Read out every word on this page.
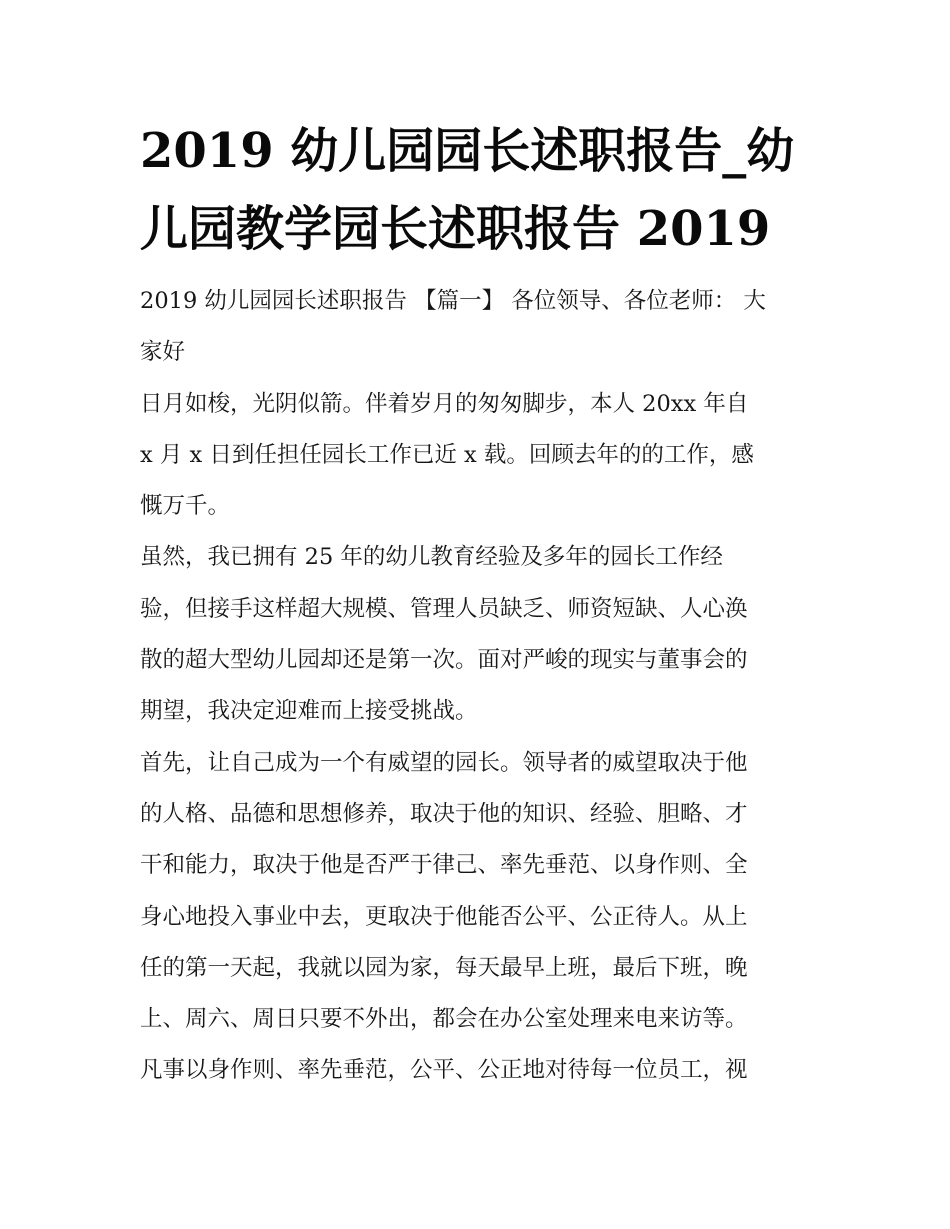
2019 幼儿园园长述职报告_幼
儿园教学园长述职报告 2019
2019 幼儿园园长述职报告 【篇一】 各位领导、各位老师： 大
家好
日月如梭，光阴似箭。伴着岁月的匆匆脚步，本人 20xx 年自
x 月 x 日到任担任园长工作已近 x 载。回顾去年的的工作，感
慨万千。
虽然，我已拥有 25 年的幼儿教育经验及多年的园长工作经
验，但接手这样超大规模、管理人员缺乏、师资短缺、人心涣
散的超大型幼儿园却还是第一次。面对严峻的现实与董事会的
期望，我决定迎难而上接受挑战。
首先，让自己成为一个有威望的园长。领导者的威望取决于他
的人格、品德和思想修养，取决于他的知识、经验、胆略、才
干和能力，取决于他是否严于律己、率先垂范、以身作则、全
身心地投入事业中去，更取决于他能否公平、公正待人。从上
任的第一天起，我就以园为家，每天最早上班，最后下班，晚
上、周六、周日只要不外出，都会在办公室处理来电来访等。
凡事以身作则、率先垂范，公平、公正地对待每一位员工，视
